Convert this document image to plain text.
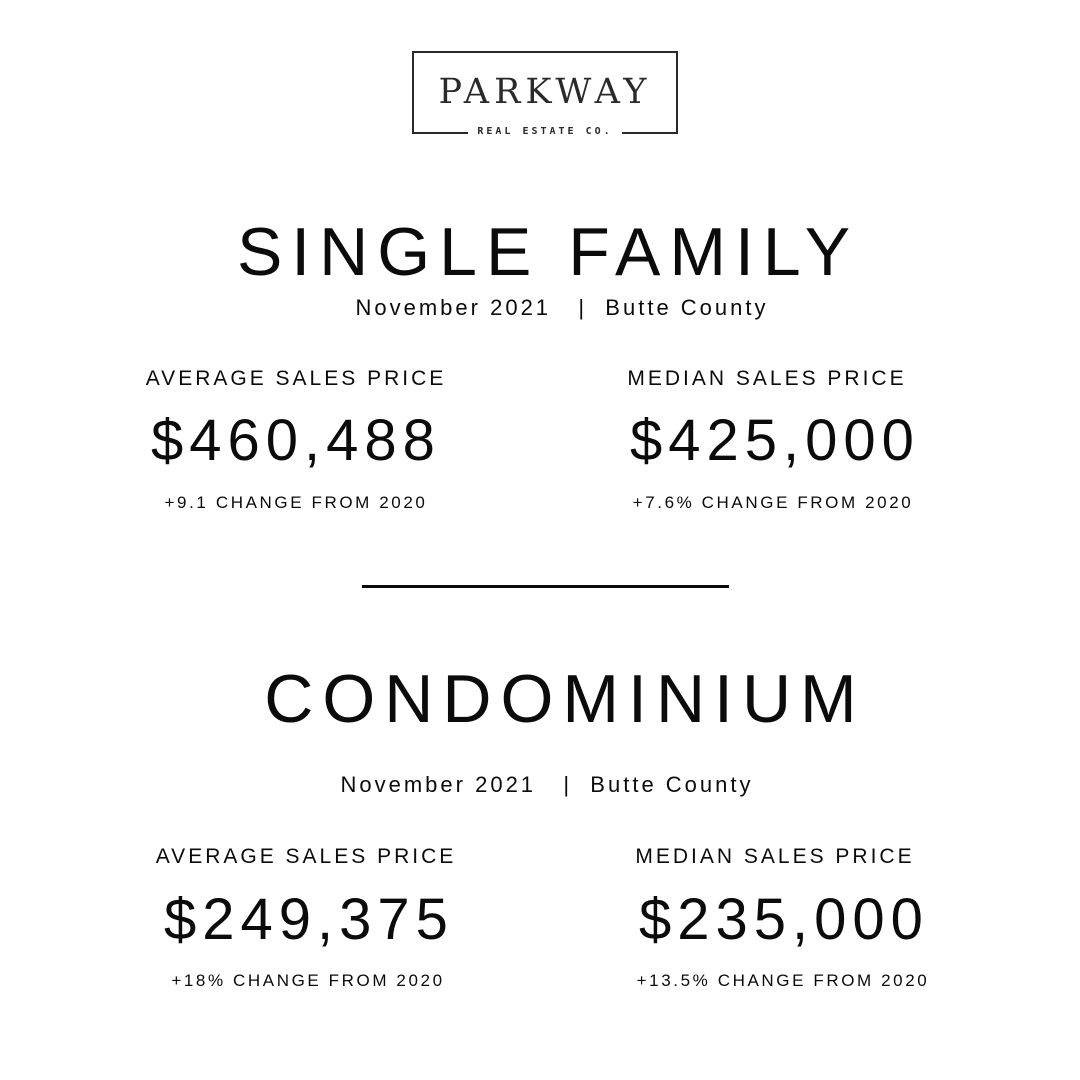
PARKWAY
REAL ESTATE CO.
SINGLE FAMILY
November 2021   |  Butte County
AVERAGE SALES PRICE
$460,488
+9.1 CHANGE FROM 2020
MEDIAN SALES PRICE
$425,000
+7.6% CHANGE FROM 2020
CONDOMINIUM
November 2021   |  Butte County
AVERAGE SALES PRICE
$249,375
+18% CHANGE FROM 2020
MEDIAN SALES PRICE
$235,000
+13.5% CHANGE FROM 2020
